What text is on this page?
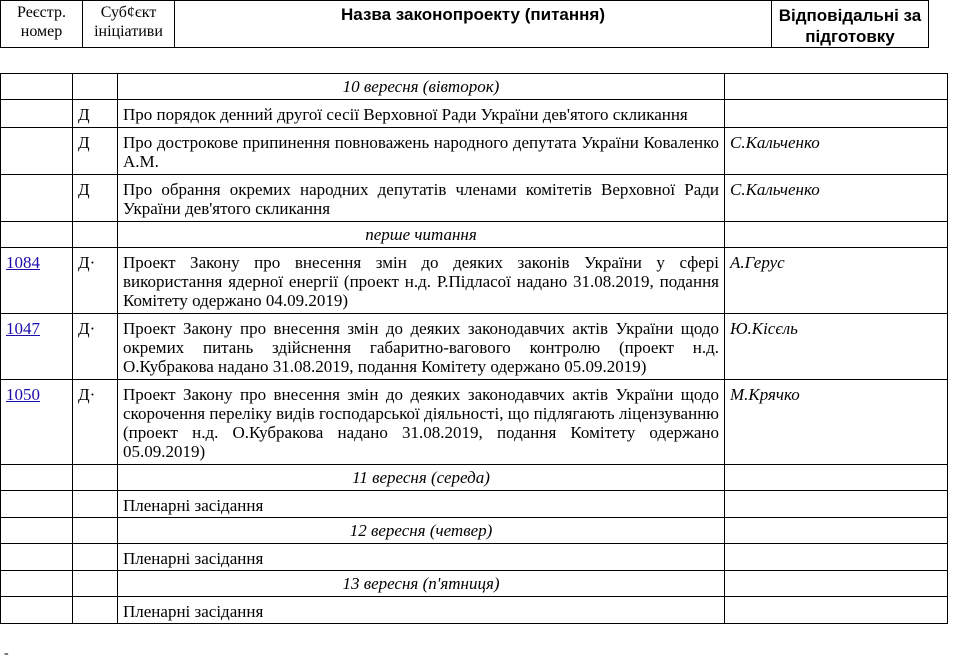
Реєстр. номер	Суб¢єкт ініціативи	Назва законопроекту (питання)	Відповідальні за підготовку
		10 вересня (вівторок)	
	Д	Про порядок денний другої сесії Верховної Ради України дев'ятого скликання	
	Д	Про дострокове припинення повноважень народного депутата України Коваленко А.М.	С.Кальченко
	Д	Про обрання окремих народних депутатів членами комітетів Верховної Ради України дев'ятого скликання	С.Кальченко
		перше читання	
1084	Д·	Проект Закону про внесення змін до деяких законів України у сфері використання ядерної енергії (проект н.д. Р.Підласої надано 31.08.2019, подання Комітету одержано 04.09.2019)	А.Герус
1047	Д·	Проект Закону про внесення змін до деяких законодавчих актів України щодо окремих питань здійснення габаритно-вагового контролю (проект н.д. О.Кубракова надано 31.08.2019, подання Комітету одержано 05.09.2019)	Ю.Кісєль
1050	Д·	Проект Закону про внесення змін до деяких законодавчих актів України щодо скорочення переліку видів господарської діяльності, що підлягають ліцензуванню (проект н.д. О.Кубракова надано 31.08.2019, подання Комітету одержано 05.09.2019)	М.Крячко
		11 вересня (середа)	
		Пленарні засідання	
		12 вересня (четвер)	
		Пленарні засідання	
		13 вересня (п'ятниця)	
		Пленарні засідання	
-
